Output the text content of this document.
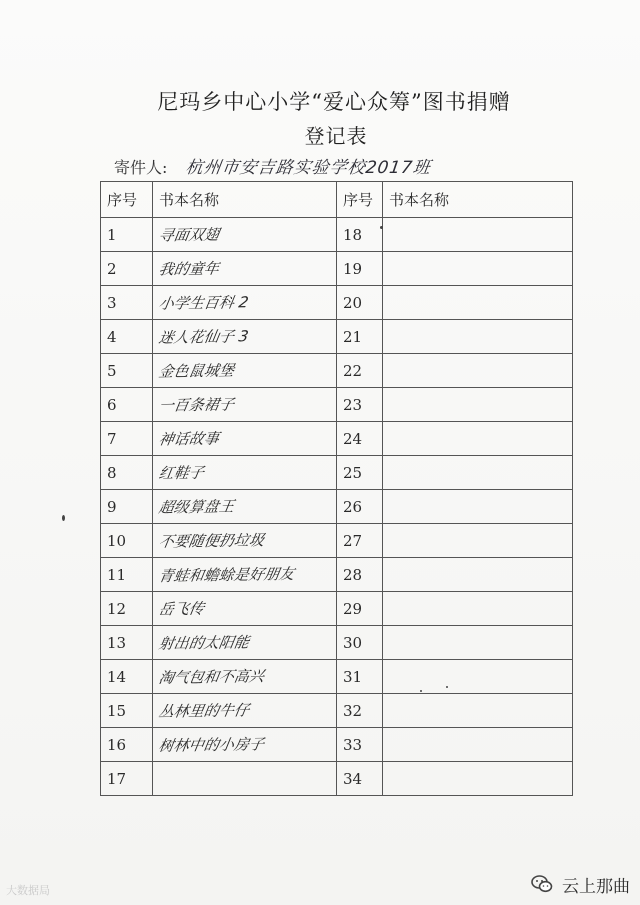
尼玛乡中心小学“爱心众筹”图书捐赠
登记表
寄件人: 杭州市安吉路实验学校2017班
序号	书本名称	序号	书本名称
1	寻面双翅	18	
2	我的童年	19	
3	小学生百科 2	20	
4	迷人花仙子 3	21	
5	金色鼠城堡	22	
6	一百条裙子	23	
7	神话故事	24	
8	红鞋子	25	
9	超级算盘王	26	
10	不要随便扔垃圾	27	
11	青蛙和蟾蜍是好朋友	28	
12	岳飞传	29	
13	射出的太阳能	30	
14	淘气包和不高兴	31	
15	丛林里的牛仔	32	
16	树林中的小房子	33	
17		34	
大数据局	云上那曲
